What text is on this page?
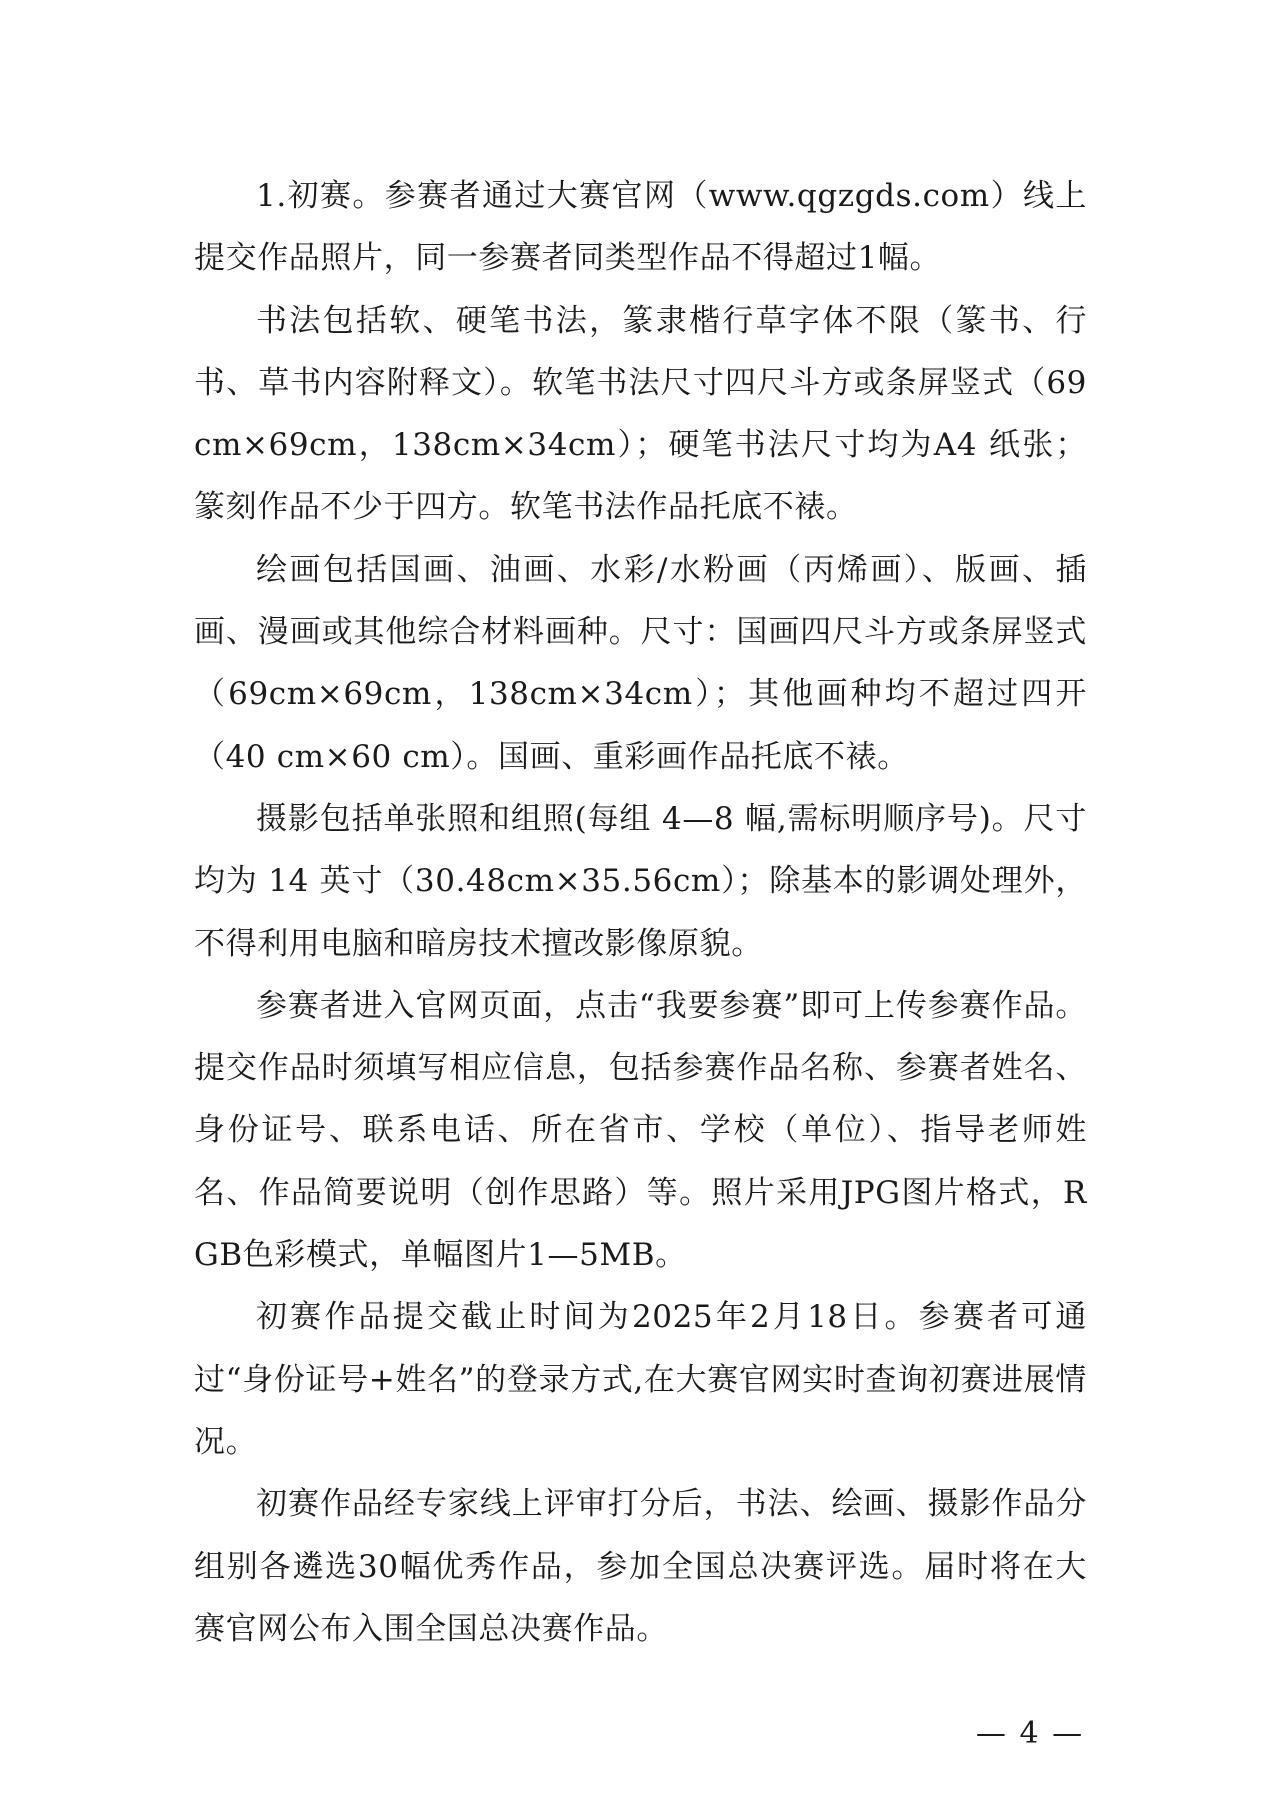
1.初赛。参赛者通过大赛官网（www.qgzgds.com）线上提交作品照片，同一参赛者同类型作品不得超过1幅。

书法包括软、硬笔书法，篆隶楷行草字体不限（篆书、行书、草书内容附释文）。软笔书法尺寸四尺斗方或条屏竖式（69cm×69cm，138cm×34cm）；硬笔书法尺寸均为A4 纸张；篆刻作品不少于四方。软笔书法作品托底不裱。

绘画包括国画、油画、水彩/水粉画（丙烯画）、版画、插画、漫画或其他综合材料画种。尺寸：国画四尺斗方或条屏竖式（69cm×69cm，138cm×34cm）；其他画种均不超过四开（40 cm×60 cm）。国画、重彩画作品托底不裱。

摄影包括单张照和组照(每组 4—8 幅,需标明顺序号)。尺寸均为 14 英寸（30.48cm×35.56cm）；除基本的影调处理外，不得利用电脑和暗房技术擅改影像原貌。

参赛者进入官网页面，点击“我要参赛”即可上传参赛作品。提交作品时须填写相应信息，包括参赛作品名称、参赛者姓名、身份证号、联系电话、所在省市、学校（单位）、指导老师姓名、作品简要说明（创作思路）等。照片采用JPG图片格式，RGB色彩模式，单幅图片1—5MB。

初赛作品提交截止时间为2025年2月18日。参赛者可通过“身份证号+姓名”的登录方式,在大赛官网实时查询初赛进展情况。

初赛作品经专家线上评审打分后，书法、绘画、摄影作品分组别各遴选30幅优秀作品，参加全国总决赛评选。届时将在大赛官网公布入围全国总决赛作品。

— 4 —
